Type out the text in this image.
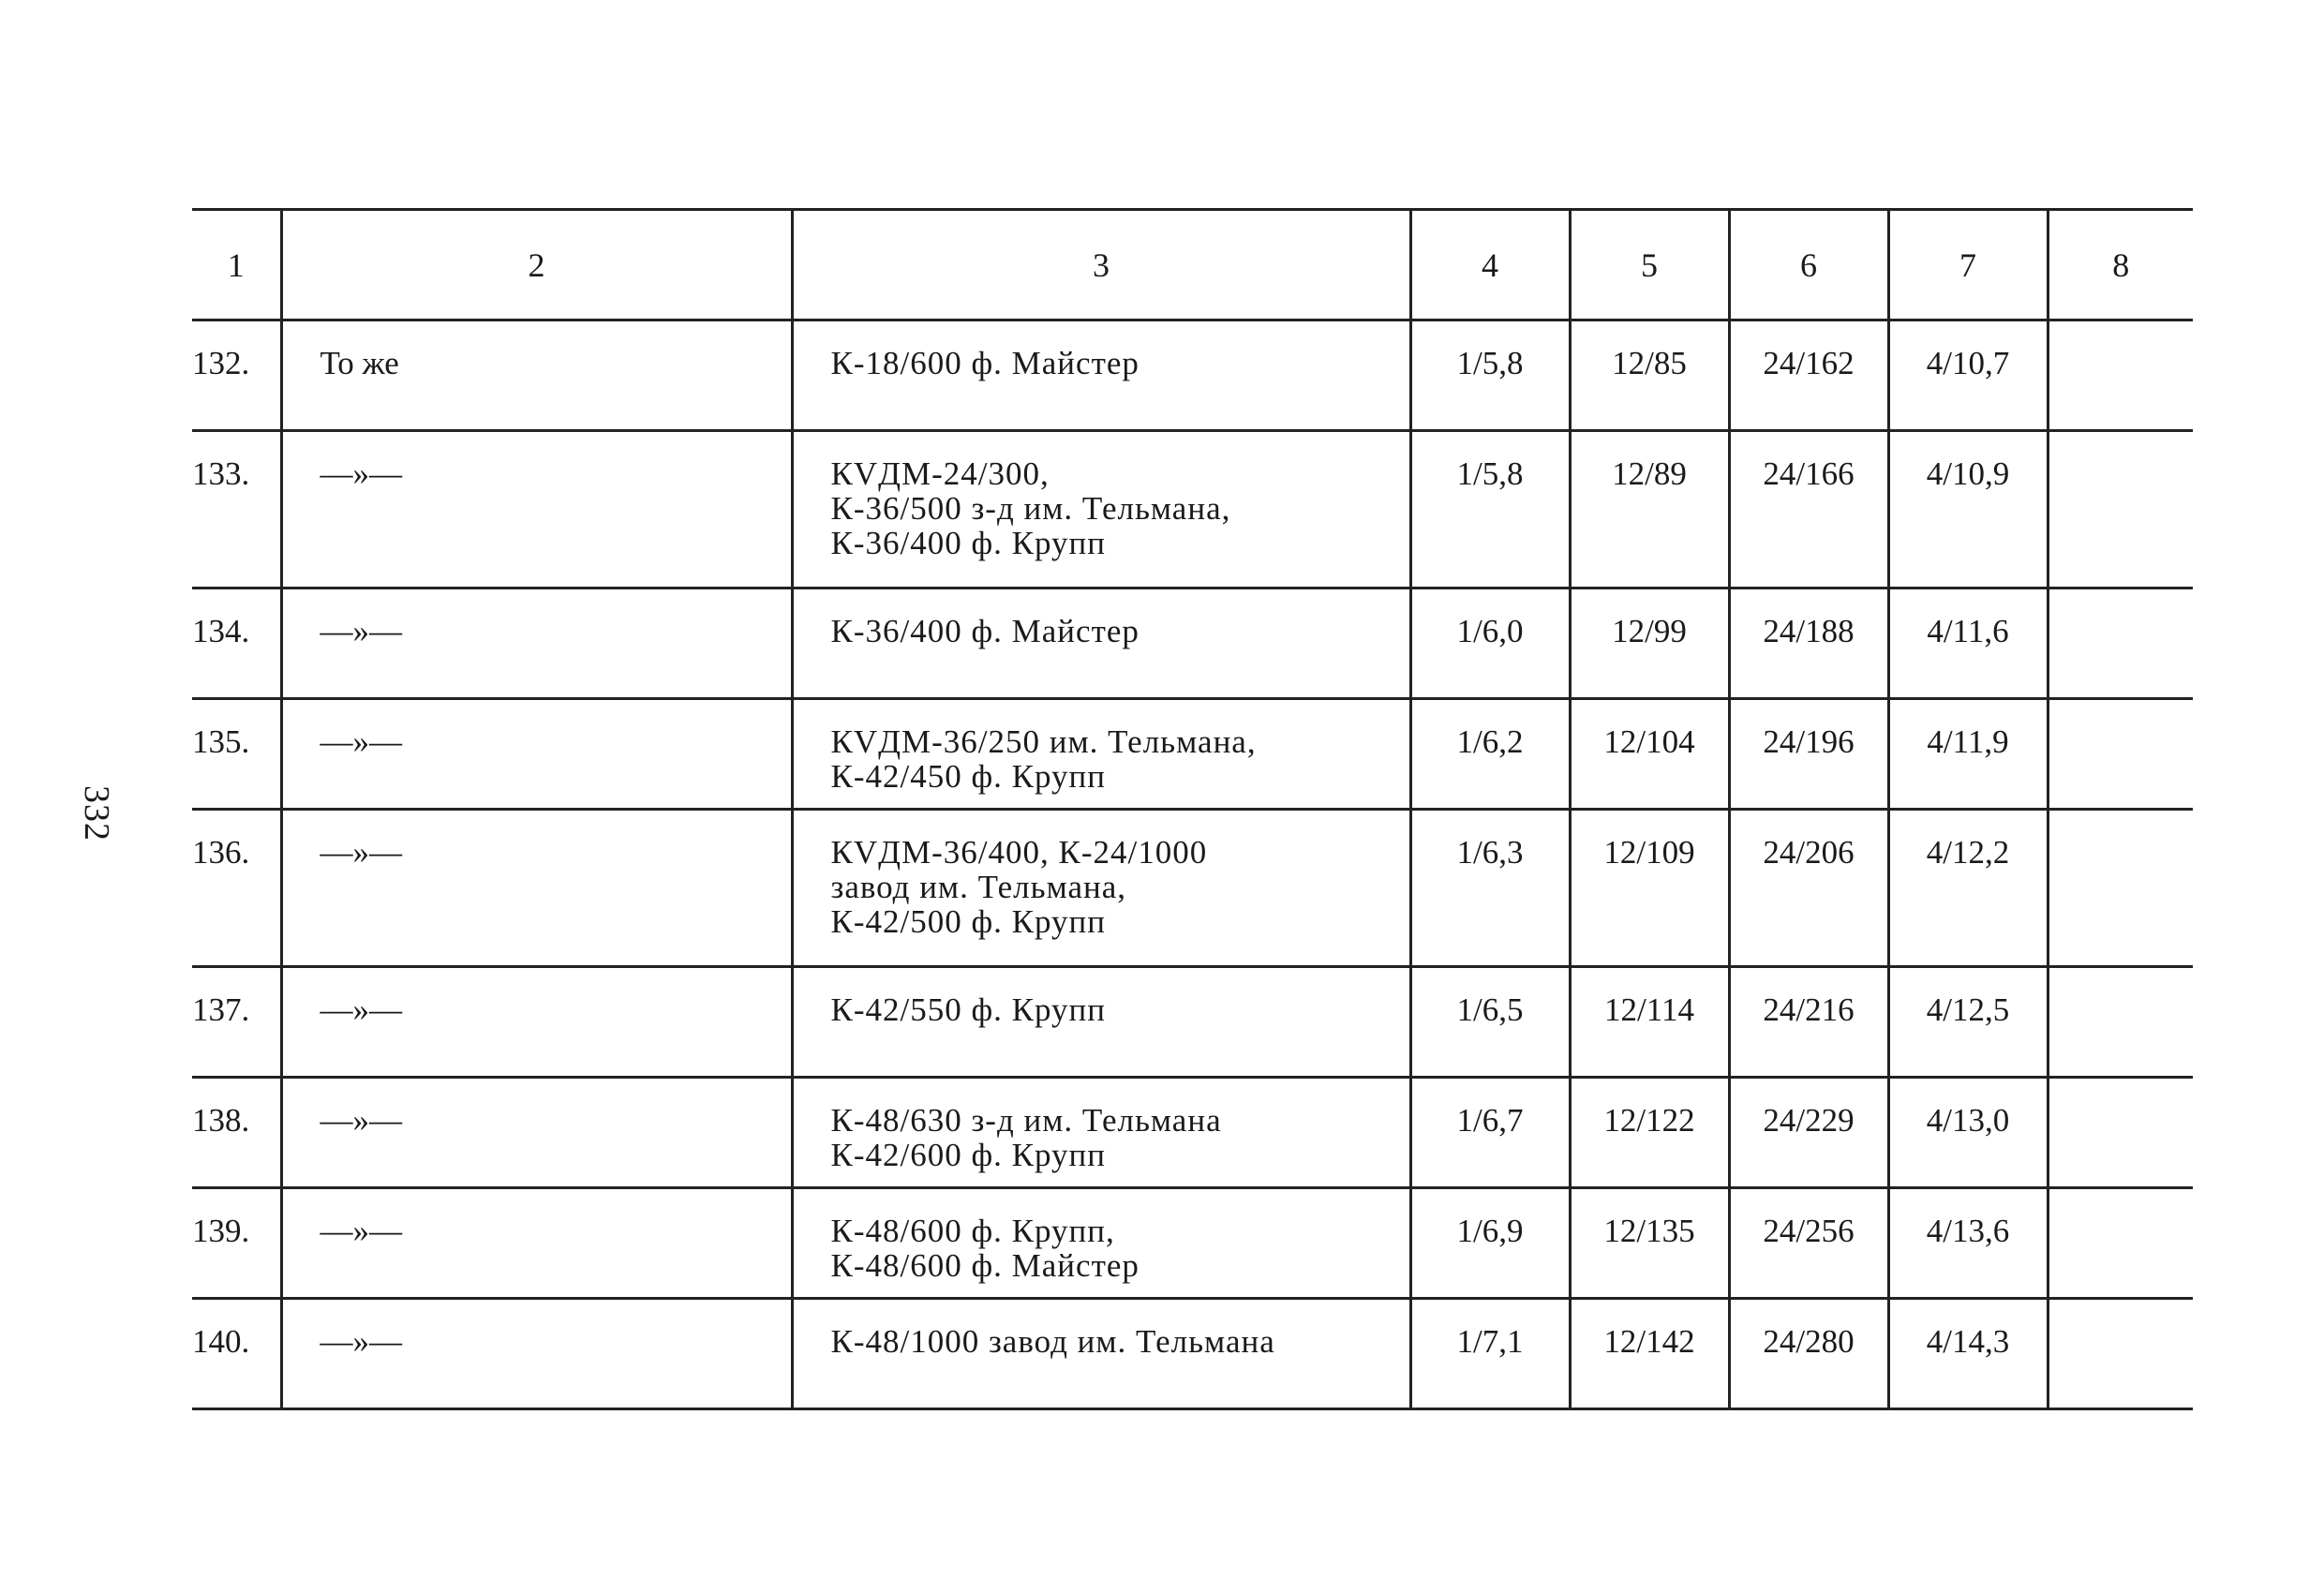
332
1	2	3	4	5	6	7	8
132.	То же	К-18/600 ф. Майстер	1/5,8	12/85	24/162	4/10,7	
133.	—»—	КVДМ-24/300,
К-36/500 з-д им. Тельмана,
К-36/400 ф. Крупп	1/5,8	12/89	24/166	4/10,9	
134.	—»—	К-36/400 ф. Майстер	1/6,0	12/99	24/188	4/11,6	
135.	—»—	КVДМ-36/250 им. Тельмана,
К-42/450 ф. Крупп	1/6,2	12/104	24/196	4/11,9	
136.	—»—	КVДМ-36/400, К-24/1000
завод им. Тельмана,
К-42/500 ф. Крупп	1/6,3	12/109	24/206	4/12,2	
137.	—»—	К-42/550 ф. Крупп	1/6,5	12/114	24/216	4/12,5	
138.	—»—	К-48/630 з-д им. Тельмана
К-42/600 ф. Крупп	1/6,7	12/122	24/229	4/13,0	
139.	—»—	К-48/600 ф. Крупп,
К-48/600 ф. Майстер	1/6,9	12/135	24/256	4/13,6	
140.	—»—	К-48/1000 завод им. Тельмана	1/7,1	12/142	24/280	4/14,3	
